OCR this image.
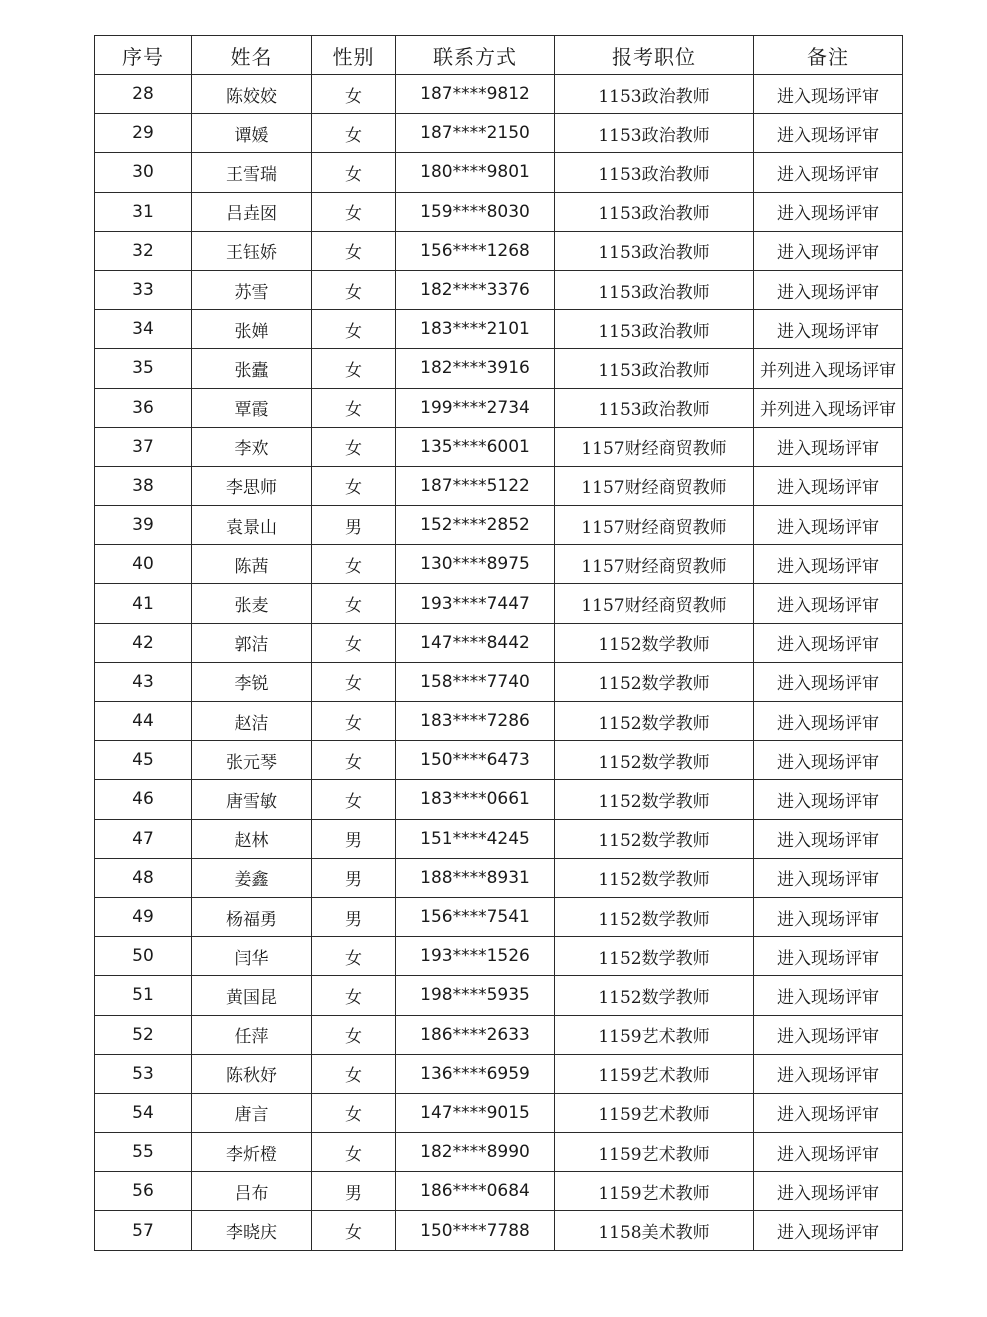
序号	姓名	性别	联系方式	报考职位	备注
28	陈姣姣	女	187****9812	1153政治教师	进入现场评审
29	谭媛	女	187****2150	1153政治教师	进入现场评审
30	王雪瑞	女	180****9801	1153政治教师	进入现场评审
31	吕垚囡	女	159****8030	1153政治教师	进入现场评审
32	王钰娇	女	156****1268	1153政治教师	进入现场评审
33	苏雪	女	182****3376	1153政治教师	进入现场评审
34	张婵	女	183****2101	1153政治教师	进入现场评审
35	张蠹	女	182****3916	1153政治教师	并列进入现场评审
36	覃霞	女	199****2734	1153政治教师	并列进入现场评审
37	李欢	女	135****6001	1157财经商贸教师	进入现场评审
38	李思师	女	187****5122	1157财经商贸教师	进入现场评审
39	袁景山	男	152****2852	1157财经商贸教师	进入现场评审
40	陈茜	女	130****8975	1157财经商贸教师	进入现场评审
41	张麦	女	193****7447	1157财经商贸教师	进入现场评审
42	郭洁	女	147****8442	1152数学教师	进入现场评审
43	李锐	女	158****7740	1152数学教师	进入现场评审
44	赵洁	女	183****7286	1152数学教师	进入现场评审
45	张元琴	女	150****6473	1152数学教师	进入现场评审
46	唐雪敏	女	183****0661	1152数学教师	进入现场评审
47	赵林	男	151****4245	1152数学教师	进入现场评审
48	姜鑫	男	188****8931	1152数学教师	进入现场评审
49	杨福勇	男	156****7541	1152数学教师	进入现场评审
50	闫华	女	193****1526	1152数学教师	进入现场评审
51	黄国昆	女	198****5935	1152数学教师	进入现场评审
52	任萍	女	186****2633	1159艺术教师	进入现场评审
53	陈秋妤	女	136****6959	1159艺术教师	进入现场评审
54	唐言	女	147****9015	1159艺术教师	进入现场评审
55	李炘橙	女	182****8990	1159艺术教师	进入现场评审
56	吕布	男	186****0684	1159艺术教师	进入现场评审
57	李晓庆	女	150****7788	1158美术教师	进入现场评审
